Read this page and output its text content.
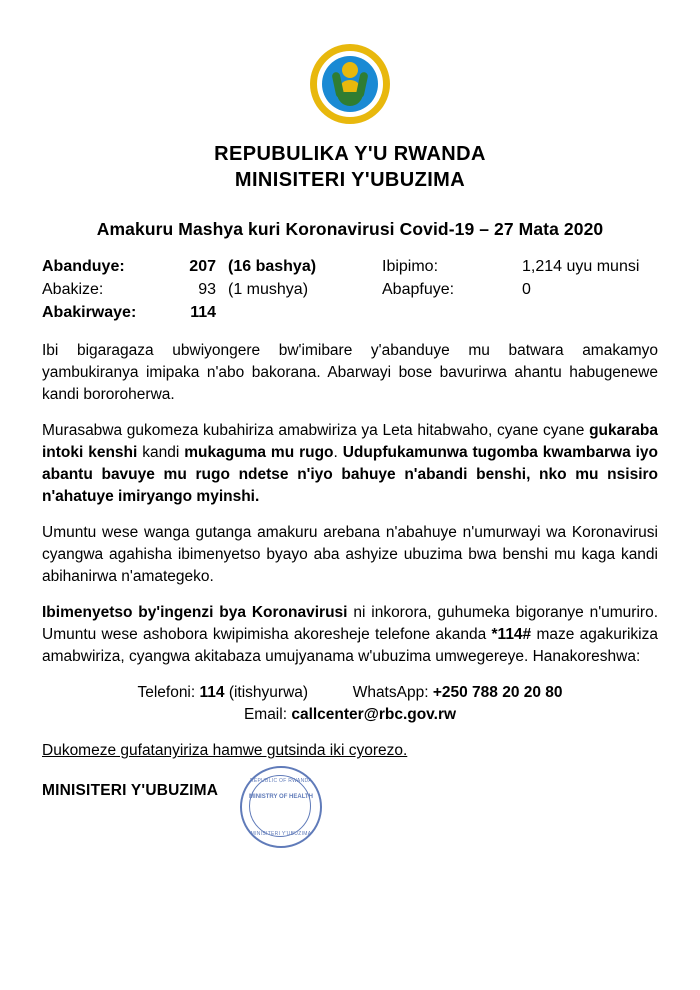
REPUBULIKA Y'U RWANDA
MINISITERI Y'UBUZIMA
Amakuru Mashya kuri Koronavirusi Covid-19 – 27 Mata 2020
Abanduye:	207 (16 bashya)	Ibipimo:	1,214 uyu munsi
Abakize:	93 (1 mushya)	Abapfuye:	0
Abakirwaye:	114

Ibi bigaragaza ubwiyongere bw'imibare y'abanduye mu batwara amakamyo yambukiranya imipaka n'abo bakorana. Abarwayi bose bavurirwa ahantu habugenewe kandi bororoherwa.

Murasabwa gukomeza kubahiriza amabwiriza ya Leta hitabwaho, cyane cyane gukaraba intoki kenshi kandi mukaguma mu rugo. Udupfukamunwa tugomba kwambarwa iyo abantu bavuye mu rugo ndetse n'iyo bahuye n'abandi benshi, nko mu nsisiro n'ahatuye imiryango myinshi.

Umuntu wese wanga gutanga amakuru arebana n'abahuye n'umurwayi wa Koronavirusi cyangwa agahisha ibimenyetso byayo aba ashyize ubuzima bwa benshi mu kaga kandi abihanirwa n'amategeko.

Ibimenyetso by'ingenzi bya Koronavirusi ni inkorora, guhumeka bigoranye n'umuriro. Umuntu wese ashobora kwipimisha akoresheje telefone akanda *114# maze agakurikiza amabwiriza, cyangwa akitabaza umujyanama w'ubuzima umwegereye. Hanakoreshwa:

Telefoni: 114 (itishyurwa)	WhatsApp: +250 788 20 20 80
Email: callcenter@rbc.gov.rw
Dukomeze gufatanyiriza hamwe gutsinda iki cyorezo.
MINISITERI Y'UBUZIMA
REPUBLIC OF RWANDA
MINISTRY OF HEALTH
MINISITERI Y'UBUZIMA
